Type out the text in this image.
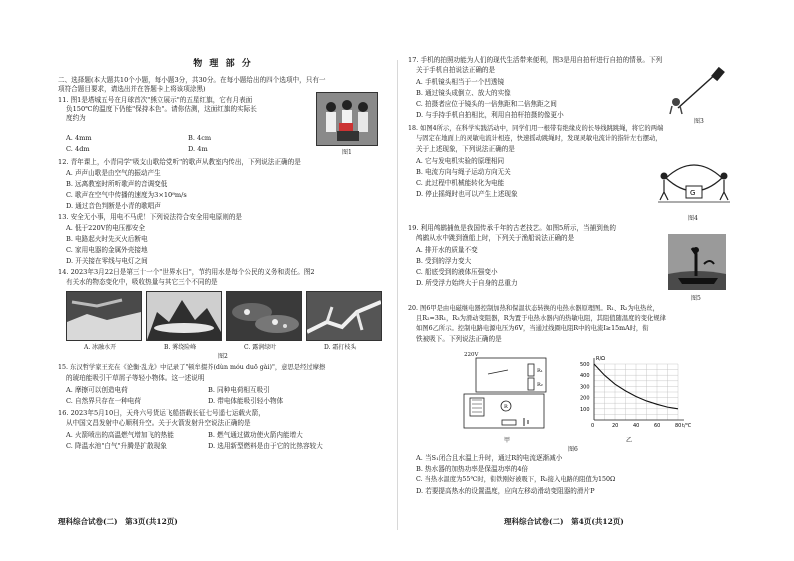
物 理 部 分
二、选择题(本大题共10个小题，每小题3分，共30分。在每小题给出的四个选项中，只有一
项符合题目要求，请选出并在答题卡上将该项涂黑)
11. 图1是塔城五号在月球首次"熊立展示"的五星红旗，它有月表面
负150℃的温度下仍能"保持本色"。请你估测，这面红旗的实际长
度约为
A. 4mm	B. 4cm
C. 4dm	D. 4m	图1
12. 青年课上，小青同学"吸支山歌给党听"的歌声从教室内传出，下列说法正确的是
A. 声声山歌是由空气的振动产生
B. 远离教室时所听歌声的音调变低
C. 歌声在空气中传播的速度为3×10⁸m/s
D. 通过音色判断是小青的歌唱声
13. 安全无小事，用电不马虎！下列说法符合安全用电原则的是
A. 低于220V的电压都安全
B. 电路起火时先灭火后断电
C. 家用电器的金属外壳接地
D. 开关接在零线与电灯之间
14. 2023年3月22日是第三十一个"世界水日"，节约用水是每个公民的义务和责任。图2
有关水的物态变化中，吸收热量与其它三个不同的是
A. 冰融水开	B. 雾绕险峰	C. 露润绿叶	D. 霜打枝头
图2
15. 东汉哲学家王充在《论衡·乱龙》中记录了"顿牟掇芥(dùn móu duō gài)"，意思是经过摩擦
的琥珀能吸引干草屑子等轻小物体。这一述说明
A. 摩擦可以创造电荷	B. 同种电荷相互吸引
C. 自然界只存在一种电荷	D. 带电体能吸引轻小物体
16. 2023年5月10日，天舟六号货运飞船搭载长征七号遥七运载火箭，
从中国文昌发射中心顺利升空。关于火箭发射升空说法正确的是
A. 火箭喷出的高温燃气增加飞的热能	B. 燃气通过做功使火箭内能增大
C. 降温水池"白气"升腾是扩散现象	D. 选用新型燃料是由于它的比热容较大
理科综合试卷(二)　第3页(共12页)
17. 手机的拍照功能为人们的现代生活带来便利，图3是用自拍杆进行自拍的情景。下列
关于手机自拍说法正确的是
A. 手机镜头相当于一个凹透镜
B. 通过镜头成倒立、放大的实像
C. 拍摄者应位于镜头的一倍焦距和二倍焦距之间
D. 与手持手机自拍相比，利用自拍杆拍摄的像更小
图3
18. 如图4所示，在科学实践活动中，同学们用一根带有绝缘皮的长导线跳跳绳，将它的两端
与固定在地面上的灵敏电流计相连，快速摇动跳绳时，发现灵敏电流计的指针左右摆动，
关于上述现象，下列说法正确的是
A. 它与发电机实验的原理相同
B. 电流方向与绳子运动方向无关
C. 此过程中机械能转化为电能
D. 停止摇绳时也可以产生上述现象	G
图4
19. 利用鸬鹚捕鱼是我国传承千年的古老技艺。如图5所示，当捕到鱼的
鸬鹚从水中跳到渔船上时，下列关于渔船说法正确的是
A. 排开水的质量不变
B. 受到的浮力变大
C. 船底受到的液体压强变小
D. 所受浮力始终大于自身的总重力
图5
20. 图6甲是由电磁继电器控制加热和保温状态转换的电热水器原理图。R₁、R₂为电热丝，
且R₂=3R₁，R₃为滑动变阻器，R为置于电热水器内的热敏电阻，其阻值随温度的变化规律
如图6乙所示。控制电路电源电压为6V，当通过线圈电阻R中的电流I≥15mA时，衔
铁被吸下。下列说法正确的是
R₁
R₂
R
220V
甲
0	20	40	60	80
100
200
300
400
500
t/℃
R/Ω
乙
图6
A. 当S₁闭合且水温上升时，通过R的电流逐渐减小
B. 热水器的加热功率是保温功率的4倍
C. 当热水温度为55℃时，衔铁刚好被吸下，R₂接入电路的阻值为150Ω
D. 若要提高热水的设置温度，应向左移动滑动变阻器的滑片P
理科综合试卷(二)　第4页(共12页)
